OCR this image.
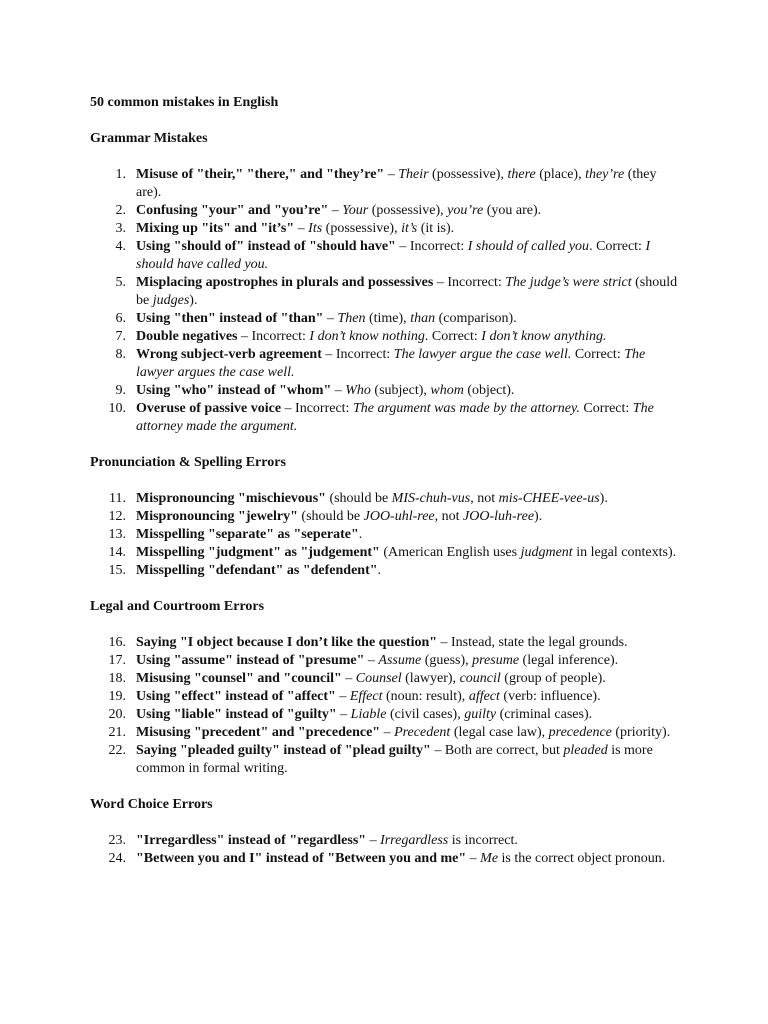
50 common mistakes in English
Grammar Mistakes
1. Misuse of "their," "there," and "they’re" – Their (possessive), there (place), they’re (they are).
2. Confusing "your" and "you’re" – Your (possessive), you’re (you are).
3. Mixing up "its" and "it’s" – Its (possessive), it’s (it is).
4. Using "should of" instead of "should have" – Incorrect: I should of called you. Correct: I should have called you.
5. Misplacing apostrophes in plurals and possessives – Incorrect: The judge’s were strict (should be judges).
6. Using "then" instead of "than" – Then (time), than (comparison).
7. Double negatives – Incorrect: I don’t know nothing. Correct: I don’t know anything.
8. Wrong subject-verb agreement – Incorrect: The lawyer argue the case well. Correct: The lawyer argues the case well.
9. Using "who" instead of "whom" – Who (subject), whom (object).
10. Overuse of passive voice – Incorrect: The argument was made by the attorney. Correct: The attorney made the argument.
Pronunciation & Spelling Errors
11. Mispronouncing "mischievous" (should be MIS-chuh-vus, not mis-CHEE-vee-us).
12. Mispronouncing "jewelry" (should be JOO-uhl-ree, not JOO-luh-ree).
13. Misspelling "separate" as "seperate".
14. Misspelling "judgment" as "judgement" (American English uses judgment in legal contexts).
15. Misspelling "defendant" as "defendent".
Legal and Courtroom Errors
16. Saying "I object because I don’t like the question" – Instead, state the legal grounds.
17. Using "assume" instead of "presume" – Assume (guess), presume (legal inference).
18. Misusing "counsel" and "council" – Counsel (lawyer), council (group of people).
19. Using "effect" instead of "affect" – Effect (noun: result), affect (verb: influence).
20. Using "liable" instead of "guilty" – Liable (civil cases), guilty (criminal cases).
21. Misusing "precedent" and "precedence" – Precedent (legal case law), precedence (priority).
22. Saying "pleaded guilty" instead of "plead guilty" – Both are correct, but pleaded is more common in formal writing.
Word Choice Errors
23. "Irregardless" instead of "regardless" – Irregardless is incorrect.
24. "Between you and I" instead of "Between you and me" – Me is the correct object pronoun.
